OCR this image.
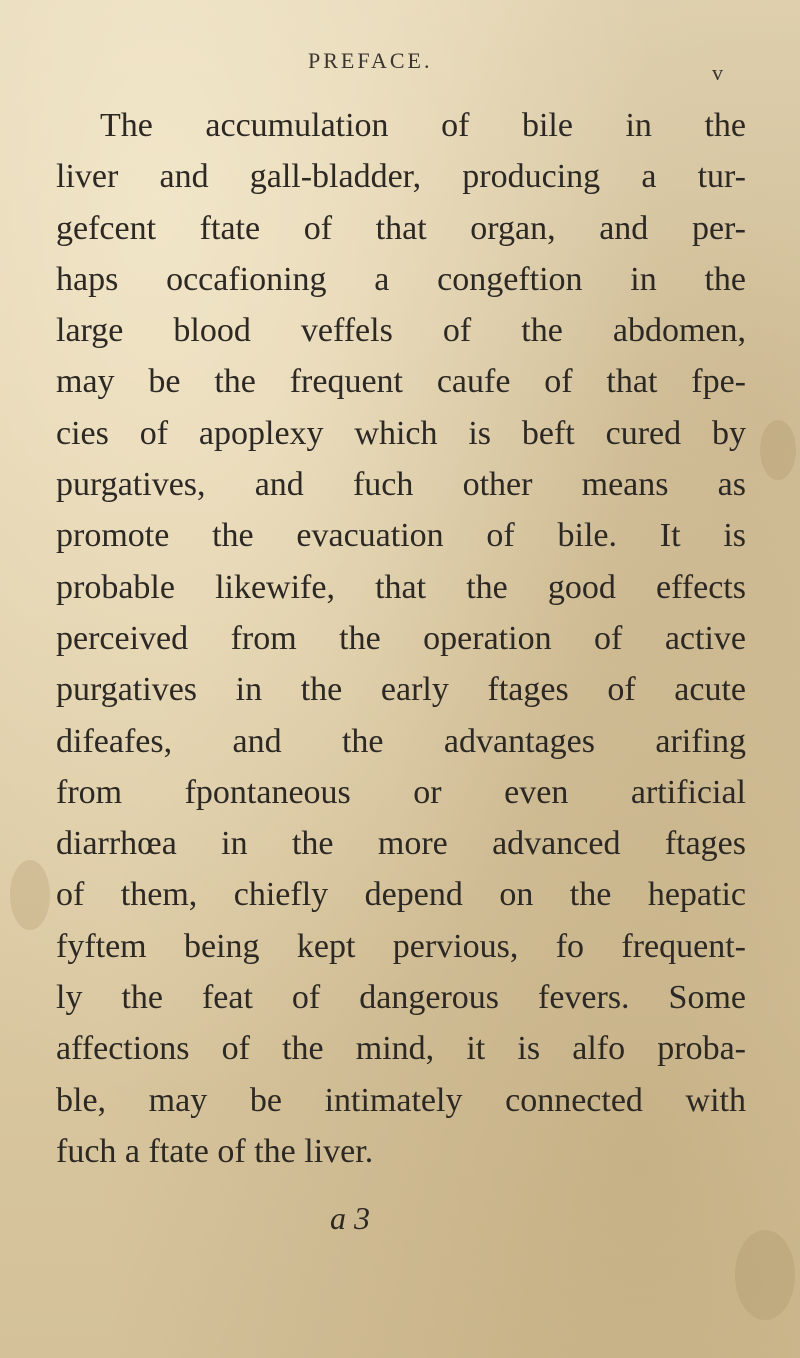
PREFACE.	v
The accumulation of bile in the
liver and gall-bladder, producing a tur-
gefcent ftate of that organ, and per-
haps occafioning a congeftion in the
large blood veffels of the abdomen,
may be the frequent caufe of that fpe-
cies of apoplexy which is beft cured by
purgatives, and fuch other means as
promote the evacuation of bile. It is
probable likewife, that the good effects
perceived from the operation of active
purgatives in the early ftages of acute
difeafes, and the advantages arifing
from fpontaneous or even artificial
diarrhœa in the more advanced ftages
of them, chiefly depend on the hepatic
fyftem being kept pervious, fo frequent-
ly the feat of dangerous fevers. Some
affections of the mind, it is alfo proba-
ble, may be intimately connected with
fuch a ftate of the liver.
a 3
